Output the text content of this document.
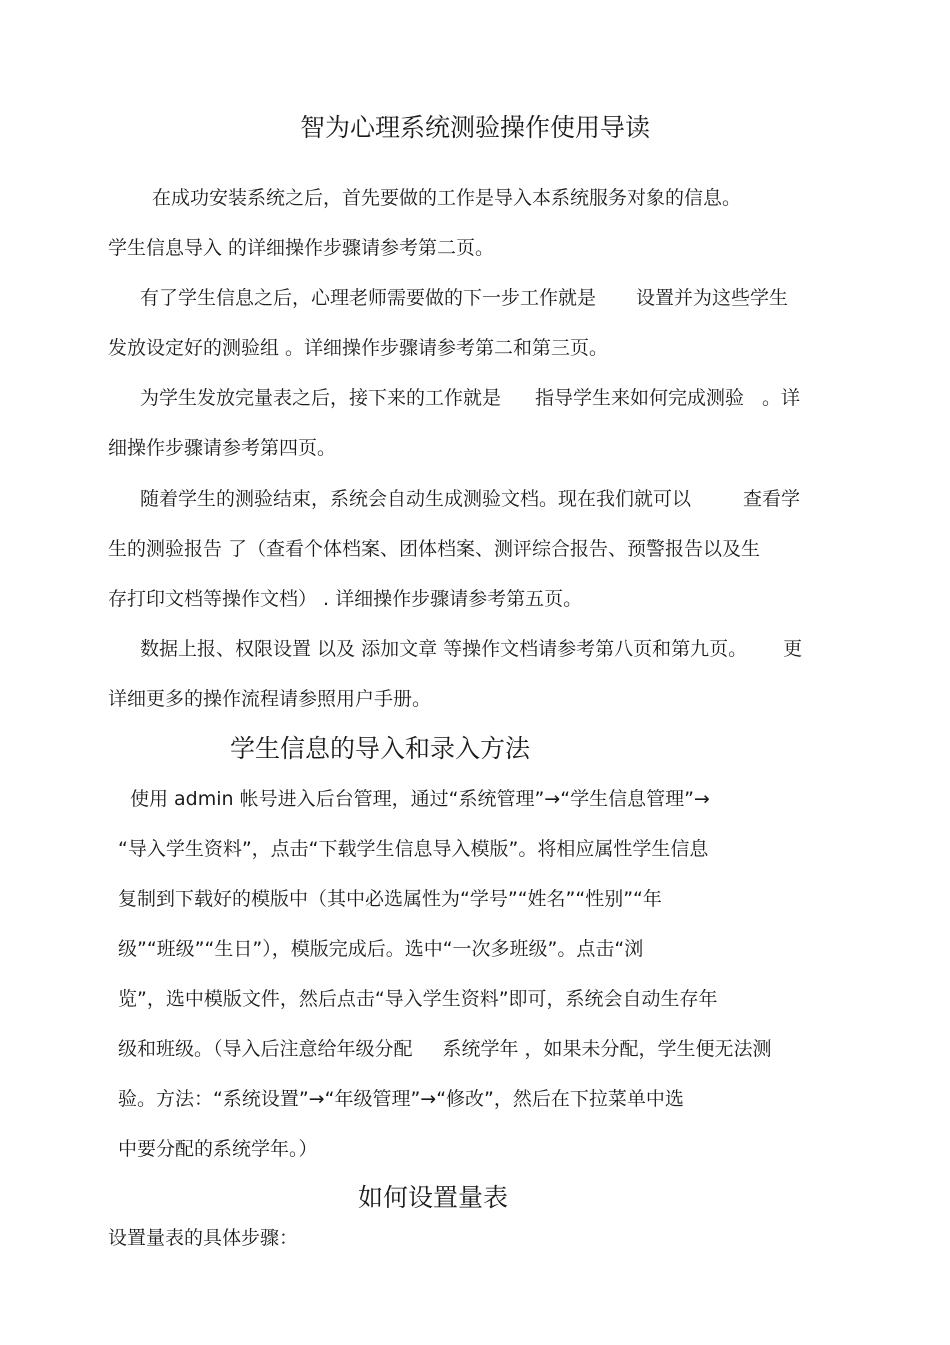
智为心理系统测验操作使用导读
在成功安装系统之后，首先要做的工作是导入本系统服务对象的信息。
学生信息导入 的详细操作步骤请参考第二页。
有了学生信息之后，心理老师需要做的下一步工作就是 设置并为这些学生
发放设定好的测验组 。详细操作步骤请参考第二和第三页。
为学生发放完量表之后，接下来的工作就是 指导学生来如何完成测验 。详
细操作步骤请参考第四页。
随着学生的测验结束，系统会自动生成测验文档。现在我们就可以	查看学
生的测验报告 了（查看个体档案、团体档案、测评综合报告、预警报告以及生
存打印文档等操作文档） . 详细操作步骤请参考第五页。
数据上报、权限设置 以及 添加文章 等操作文档请参考第八页和第九页。 更
详细更多的操作流程请参照用户手册。
学生信息的导入和录入方法
使用 admin 帐号进入后台管理，通过“系统管理”→“学生信息管理”→
“导入学生资料”，点击“下载学生信息导入模版”。将相应属性学生信息
复制到下载好的模版中（其中必选属性为“学号”“姓名”“性别”“年
级”“班级”“生日”），模版完成后。选中“一次多班级”。点击“浏
览”，选中模版文件，然后点击“导入学生资料”即可，系统会自动生存年
级和班级。（导入后注意给年级分配 系统学年 ，如果未分配，学生便无法测
验。方法：“系统设置”→“年级管理”→“修改”，然后在下拉菜单中选
中要分配的系统学年。）
如何设置量表
设置量表的具体步骤：
